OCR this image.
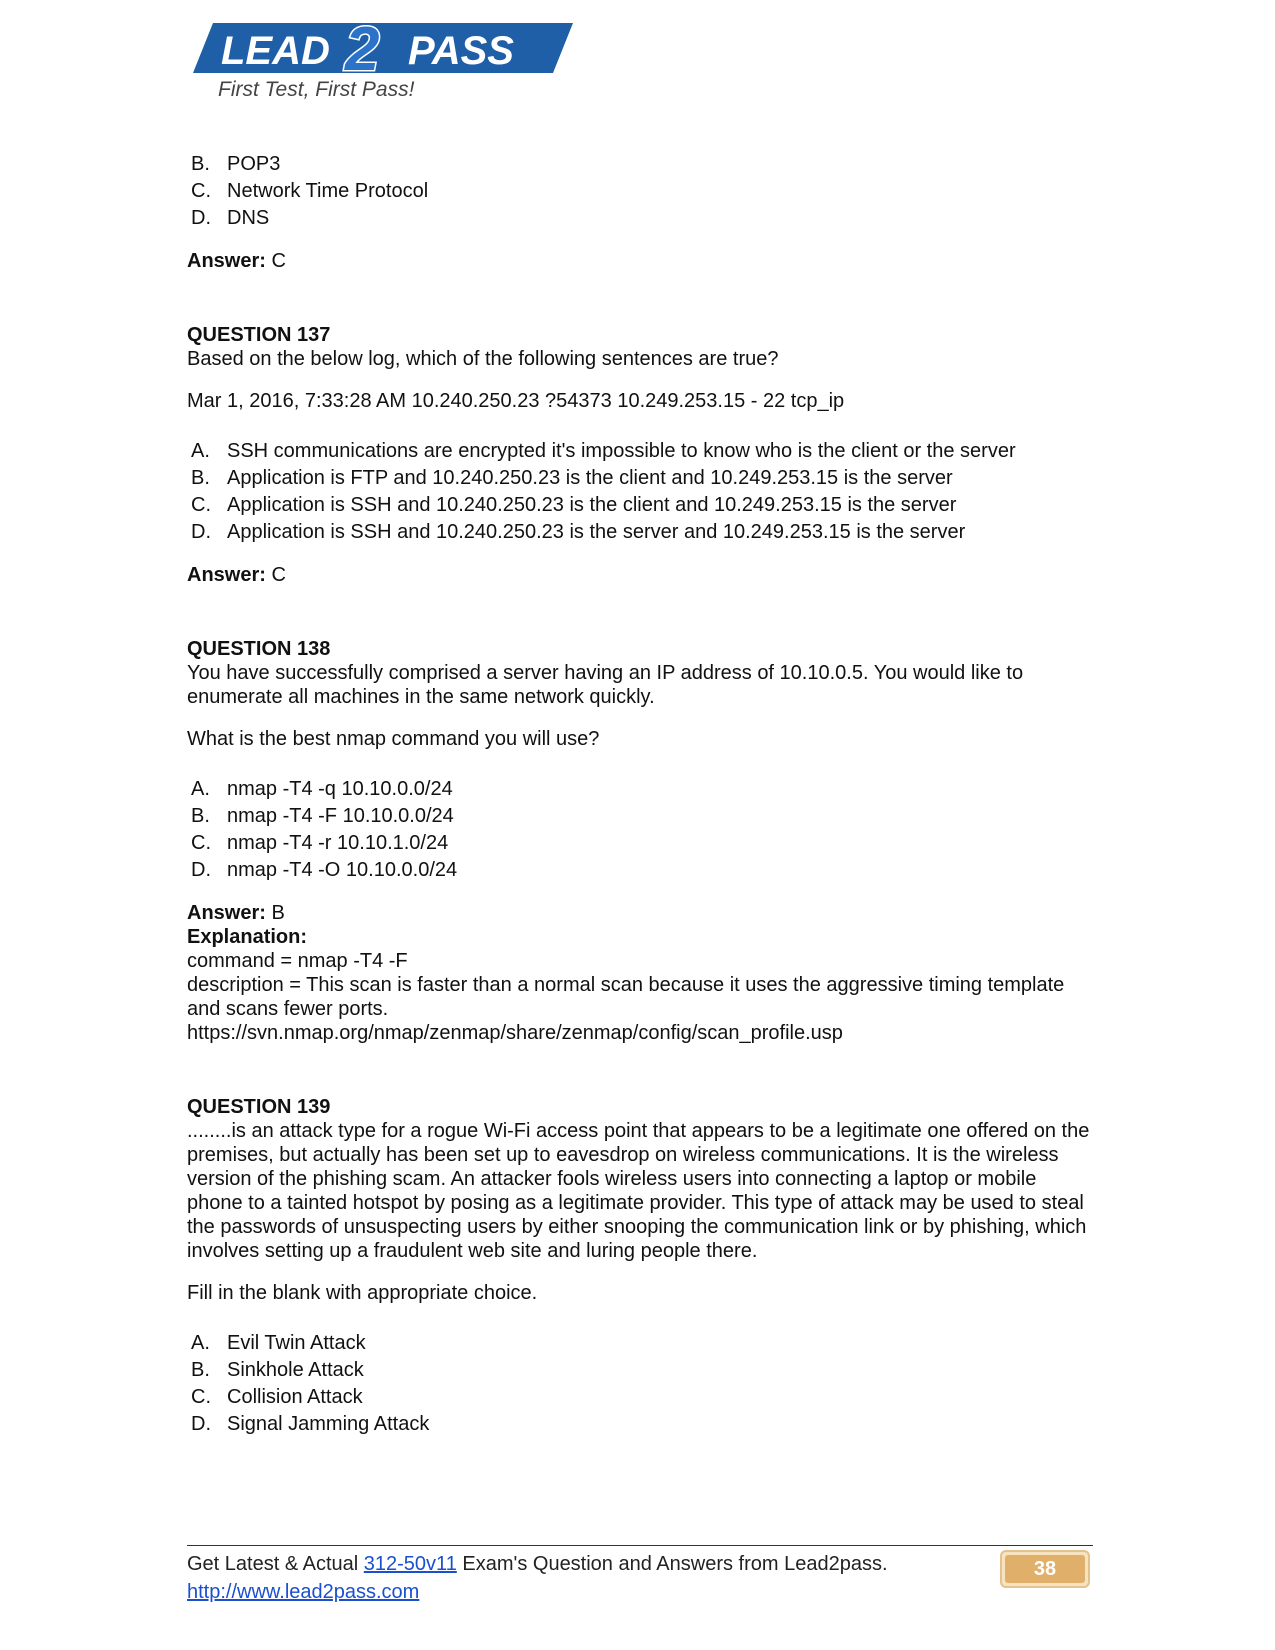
LEAD 2 PASS
First Test, First Pass!
B. POP3
C. Network Time Protocol
D. DNS
Answer: C
QUESTION 137

Based on the below log, which of the following sentences are true?

Mar 1, 2016, 7:33:28 AM 10.240.250.23 ?54373 10.249.253.15 - 22 tcp_ip

A. SSH communications are encrypted it's impossible to know who is the client or the server
B. Application is FTP and 10.240.250.23 is the client and 10.249.253.15 is the server
C. Application is SSH and 10.240.250.23 is the client and 10.249.253.15 is the server
D. Application is SSH and 10.240.250.23 is the server and 10.249.253.15 is the server
Answer: C
QUESTION 138

You have successfully comprised a server having an IP address of 10.10.0.5. You would like to enumerate all machines in the same network quickly.

What is the best nmap command you will use?

A. nmap -T4 -q 10.10.0.0/24
B. nmap -T4 -F 10.10.0.0/24
C. nmap -T4 -r 10.10.1.0/24
D. nmap -T4 -O 10.10.0.0/24
Answer: B
Explanation:

command = nmap -T4 -F

description = This scan is faster than a normal scan because it uses the aggressive timing template and scans fewer ports.

https://svn.nmap.org/nmap/zenmap/share/zenmap/config/scan_profile.usp

QUESTION 139

........is an attack type for a rogue Wi-Fi access point that appears to be a legitimate one offered on the premises, but actually has been set up to eavesdrop on wireless communications. It is the wireless version of the phishing scam. An attacker fools wireless users into connecting a laptop or mobile phone to a tainted hotspot by posing as a legitimate provider. This type of attack may be used to steal the passwords of unsuspecting users by either snooping the communication link or by phishing, which involves setting up a fraudulent web site and luring people there.

Fill in the blank with appropriate choice.

A. Evil Twin Attack
B. Sinkhole Attack
C. Collision Attack
D. Signal Jamming Attack
Get Latest & Actual 312-50v11 Exam's Question and Answers from Lead2pass.
http://www.lead2pass.com
38
